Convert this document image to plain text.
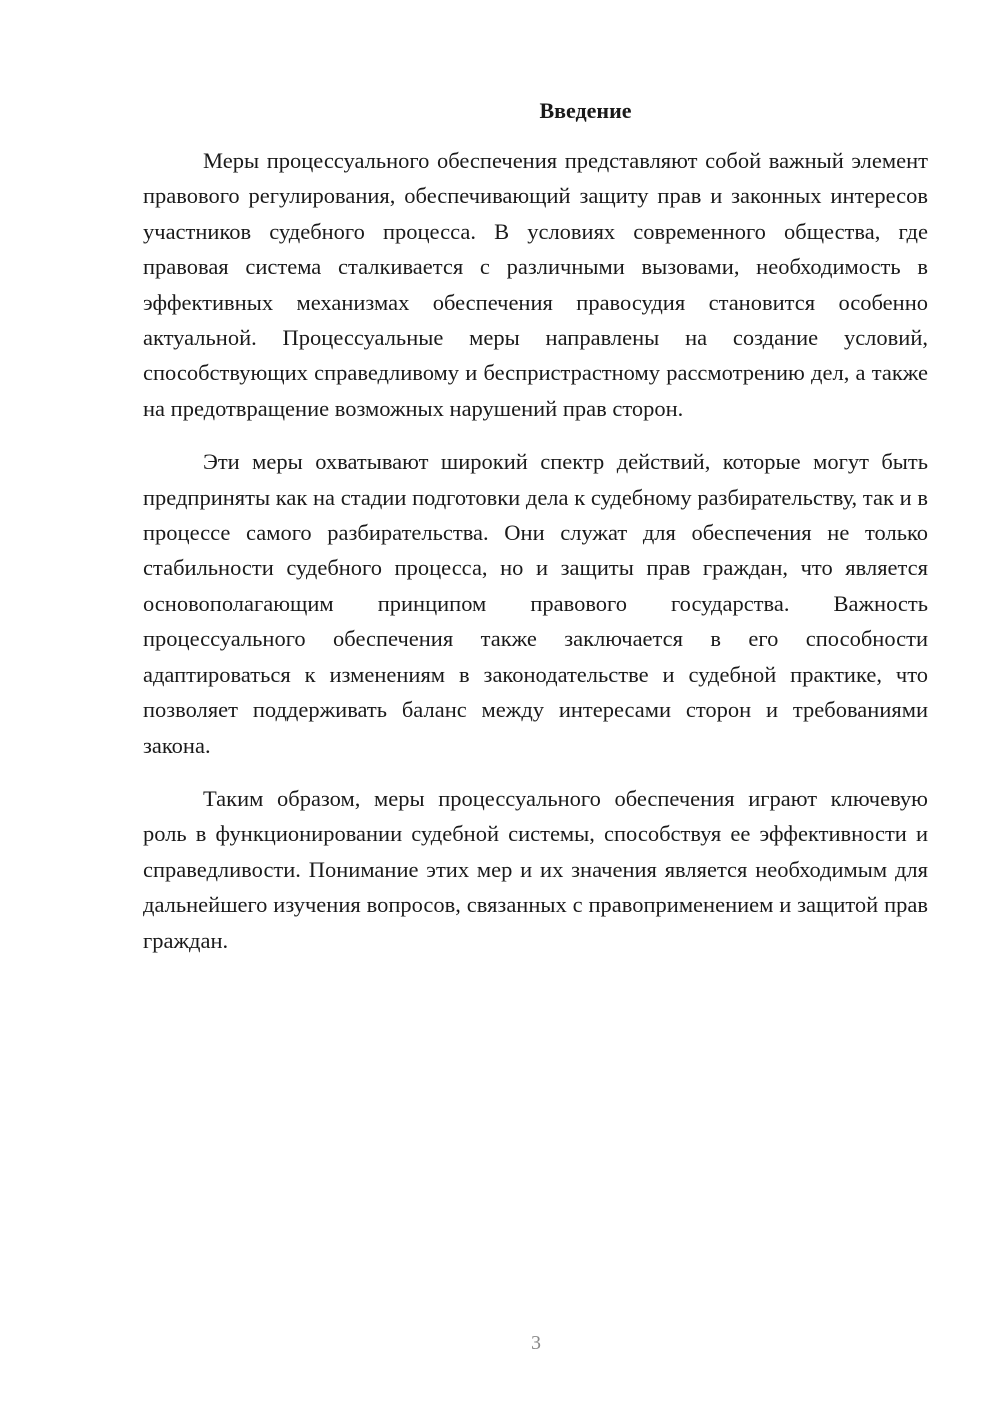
Введение

Меры процессуального обеспечения представляют собой важный элемент правового регулирования, обеспечивающий защиту прав и законных интересов участников судебного процесса. В условиях современного общества, где правовая система сталкивается с различными вызовами, необходимость в эффективных механизмах обеспечения правосудия становится особенно актуальной. Процессуальные меры направлены на создание условий, способствующих справедливому и беспристрастному рассмотрению дел, а также на предотвращение возможных нарушений прав сторон.

Эти меры охватывают широкий спектр действий, которые могут быть предприняты как на стадии подготовки дела к судебному разбирательству, так и в процессе самого разбирательства. Они служат для обеспечения не только стабильности судебного процесса, но и защиты прав граждан, что является основополагающим принципом правового государства. Важность процессуального обеспечения также заключается в его способности адаптироваться к изменениям в законодательстве и судебной практике, что позволяет поддерживать баланс между интересами сторон и требованиями закона.

Таким образом, меры процессуального обеспечения играют ключевую роль в функционировании судебной системы, способствуя ее эффективности и справедливости. Понимание этих мер и их значения является необходимым для дальнейшего изучения вопросов, связанных с правоприменением и защитой прав граждан.

3
